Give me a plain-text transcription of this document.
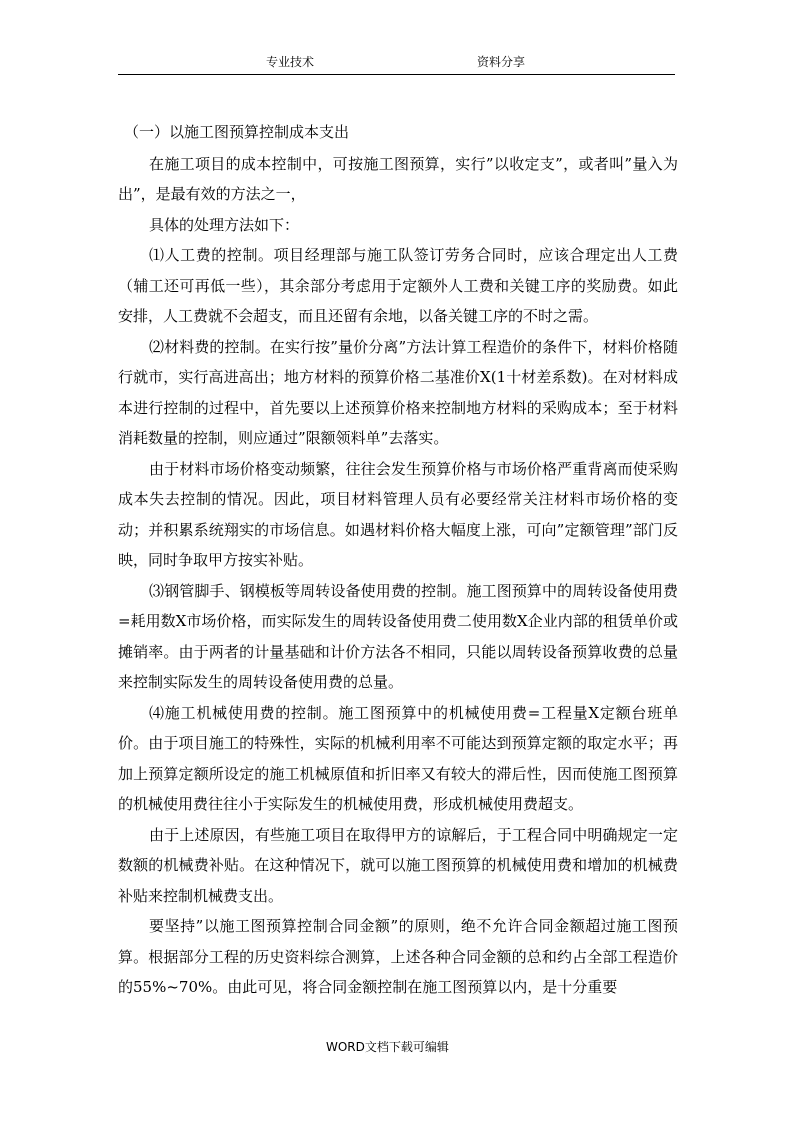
专业技术	资料分享

（一）以施工图预算控制成本支出

在施工项目的成本控制中，可按施工图预算，实行”以收定支”，或者叫”量入为出”，是最有效的方法之一，

具体的处理方法如下：

⑴人工费的控制。项目经理部与施工队签订劳务合同时，应该合理定出人工费（辅工还可再低一些），其余部分考虑用于定额外人工费和关键工序的奖励费。如此安排，人工费就不会超支，而且还留有余地，以备关键工序的不时之需。

⑵材料费的控制。在实行按”量价分离”方法计算工程造价的条件下，材料价格随行就市，实行高进高出；地方材料的预算价格二基准价X(1十材差系数)。在对材料成本进行控制的过程中，首先要以上述预算价格来控制地方材料的采购成本；至于材料消耗数量的控制，则应通过”限额领料单”去落实。

由于材料市场价格变动频繁，往往会发生预算价格与市场价格严重背离而使采购成本失去控制的情况。因此，项目材料管理人员有必要经常关注材料市场价格的变动；并积累系统翔实的市场信息。如遇材料价格大幅度上涨，可向”定额管理”部门反映，同时争取甲方按实补贴。

⑶钢管脚手、钢模板等周转设备使用费的控制。施工图预算中的周转设备使用费=耗用数X市场价格，而实际发生的周转设备使用费二使用数X企业内部的租赁单价或摊销率。由于两者的计量基础和计价方法各不相同，只能以周转设备预算收费的总量来控制实际发生的周转设备使用费的总量。

⑷施工机械使用费的控制。施工图预算中的机械使用费=工程量X定额台班单价。由于项目施工的特殊性，实际的机械利用率不可能达到预算定额的取定水平；再加上预算定额所设定的施工机械原值和折旧率又有较大的滞后性，因而使施工图预算的机械使用费往往小于实际发生的机械使用费，形成机械使用费超支。

由于上述原因，有些施工项目在取得甲方的谅解后，于工程合同中明确规定一定数额的机械费补贴。在这种情况下，就可以施工图预算的机械使用费和增加的机械费补贴来控制机械费支出。

要坚持”以施工图预算控制合同金额”的原则，绝不允许合同金额超过施工图预算。根据部分工程的历史资料综合测算，上述各种合同金额的总和约占全部工程造价的55%~70%。由此可见，将合同金额控制在施工图预算以内，是十分重要

WORD文档下载可编辑
